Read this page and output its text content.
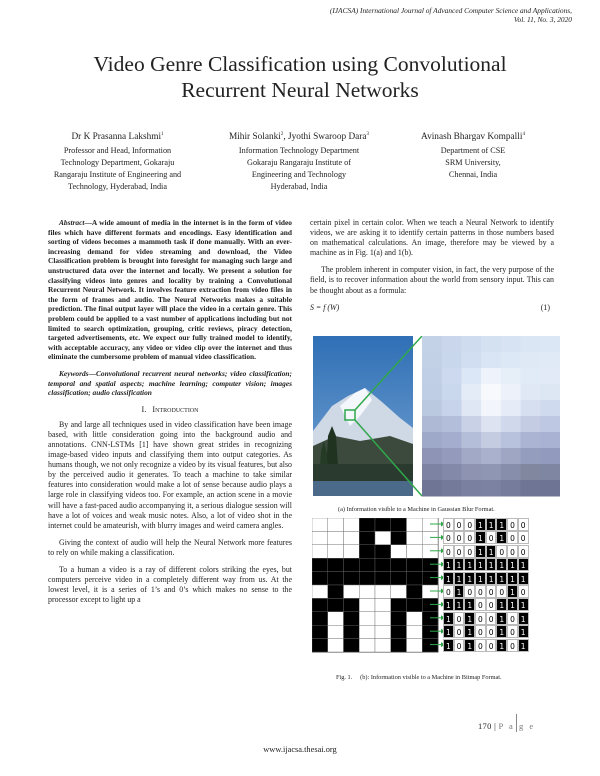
(IJACSA) International Journal of Advanced Computer Science and Applications,
Vol. 11, No. 3, 2020
Video Genre Classification using Convolutional
Recurrent Neural Networks
Dr K Prasanna Lakshmi$^1$
Professor and Head, Information
Technology Department, Gokaraju
Rangaraju Institute of Engineering and
Technology, Hyderabad, India
Mihir Solanki$^2$, Jyothi Swaroop Dara$^3$
Information Technology Department
Gokaraju Rangaraju Institute of
Engineering and Technology
Hyderabad, India
Avinash Bhargav Kompalli$^4$
Department of CSE
SRM University,
Chennai, India

Abstract—A wide amount of media in the internet is in the form of video files which have different formats and encodings. Easy identification and sorting of videos becomes a mammoth task if done manually. With an ever-increasing demand for video streaming and download, the Video Classification problem is brought into foresight for managing such large and unstructured data over the internet and locally. We present a solution for classifying videos into genres and locality by training a Convolutional Recurrent Neural Network. It involves feature extraction from video files in the form of frames and audio. The Neural Networks makes a suitable prediction. The final output layer will place the video in a certain genre. This problem could be applied to a vast number of applications including but not limited to search optimization, grouping, critic reviews, piracy detection, targeted advertisements, etc. We expect our fully trained model to identify, with acceptable accuracy, any video or video clip over the internet and thus eliminate the cumbersome problem of manual video classification.

Keywords—Convolutional recurrent neural networks; video classification; temporal and spatial aspects; machine learning; computer vision; images classification; audio classification

I. Introduction

By and large all techniques used in video classification have been image based, with little consideration going into the background audio and annotations. CNN-LSTMs [1] have shown great strides in recognizing image-based video inputs and classifying them into output categories. As humans though, we not only recognize a video by its visual features, but also by the perceived audio it generates. To teach a machine to take similar features into consideration would make a lot of sense because audio plays a large role in classifying videos too. For example, an action scene in a movie will have a fast-paced audio accompanying it, a serious dialogue session will have a lot of voices and weak music notes. Also, a lot of video shot in the internet could be amateurish, with blurry images and weird camera angles.

Giving the context of audio will help the Neural Network more features to rely on while making a classification.

To a human a video is a ray of different colors striking the eyes, but computers perceive video in a completely different way from us. At the lowest level, it is a series of 1’s and 0’s which makes no sense to the processor except to light up a

certain pixel in certain color. When we teach a Neural Network to identify videos, we are asking it to identify certain patterns in those numbers based on mathematical calculations. An image, therefore may be viewed by a machine as in Fig. 1(a) and 1(b).

The problem inherent in computer vision, in fact, the very purpose of the field, is to recover information about the world from sensory input. This can be thought about as a formula:

S = f (W)	(1)
(a) Information visible to a Machine in Gaussian Blur Format.
0 0 0 1 1 1 0 0
0 0 0 1 0 1 0 0
0 0 0 1 1 0 0 0
1 1 1 1 1 1 1 1
1 1 1 1 1 1 1 1
0 1 0 0 0 0 1 0
1 1 1 0 0 1 1 1
1 0 1 0 0 1 0 1
1 0 1 0 0 1 0 1
1 0 1 0 0 1 0 1
Fig. 1. (b): Information visible to a Machine in Bitmap Format.
170 | P a g e
www.ijacsa.thesai.org
